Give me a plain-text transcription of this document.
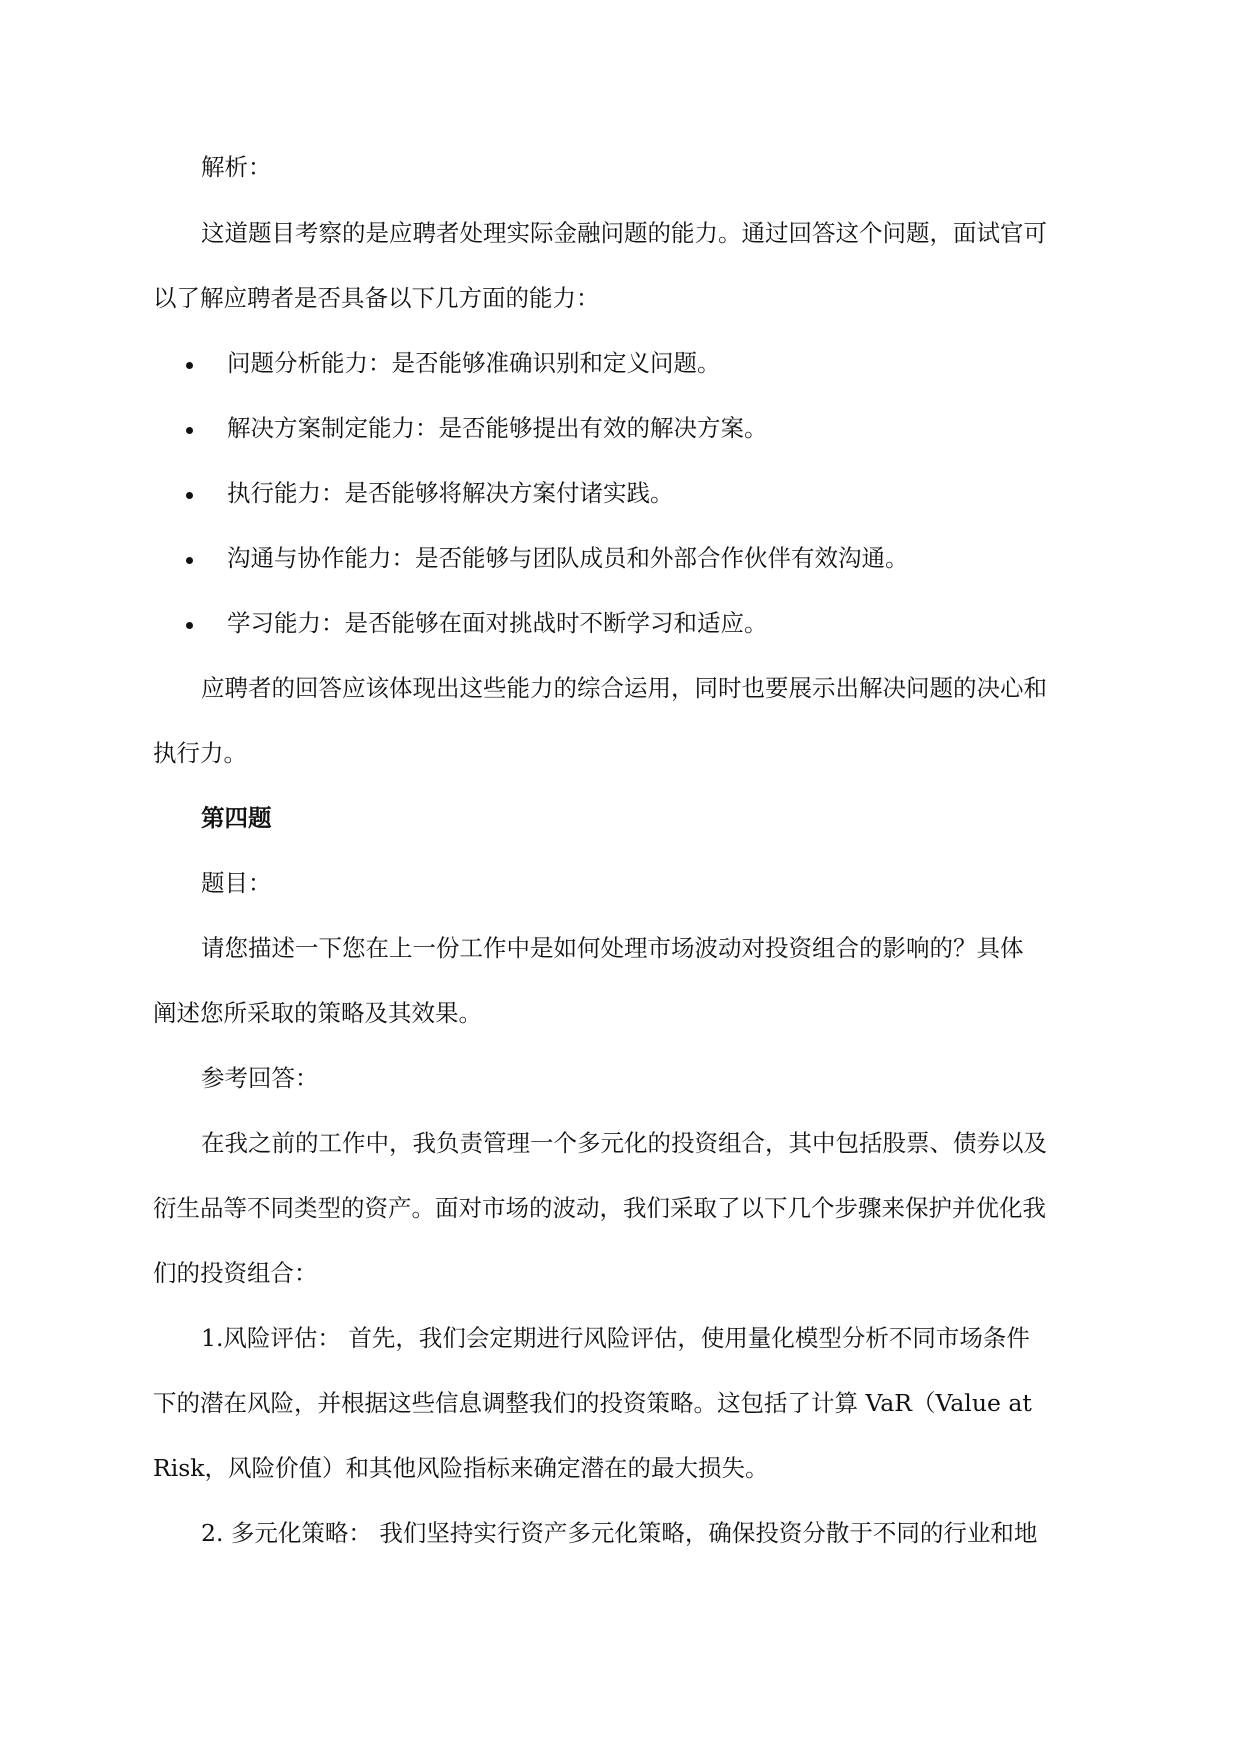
解析：
这道题目考察的是应聘者处理实际金融问题的能力。通过回答这个问题，面试官可
以了解应聘者是否具备以下几方面的能力：
问题分析能力：是否能够准确识别和定义问题。
解决方案制定能力：是否能够提出有效的解决方案。
执行能力：是否能够将解决方案付诸实践。
沟通与协作能力：是否能够与团队成员和外部合作伙伴有效沟通。
学习能力：是否能够在面对挑战时不断学习和适应。
应聘者的回答应该体现出这些能力的综合运用，同时也要展示出解决问题的决心和
执行力。
第四题
题目：
请您描述一下您在上一份工作中是如何处理市场波动对投资组合的影响的？具体
阐述您所采取的策略及其效果。
参考回答：
在我之前的工作中，我负责管理一个多元化的投资组合，其中包括股票、债券以及
衍生品等不同类型的资产。面对市场的波动，我们采取了以下几个步骤来保护并优化我
们的投资组合：
1.风险评估： 首先，我们会定期进行风险评估，使用量化模型分析不同市场条件
下的潜在风险，并根据这些信息调整我们的投资策略。这包括了计算 VaR（Value at
Risk，风险价值）和其他风险指标来确定潜在的最大损失。
2. 多元化策略： 我们坚持实行资产多元化策略，确保投资分散于不同的行业和地
